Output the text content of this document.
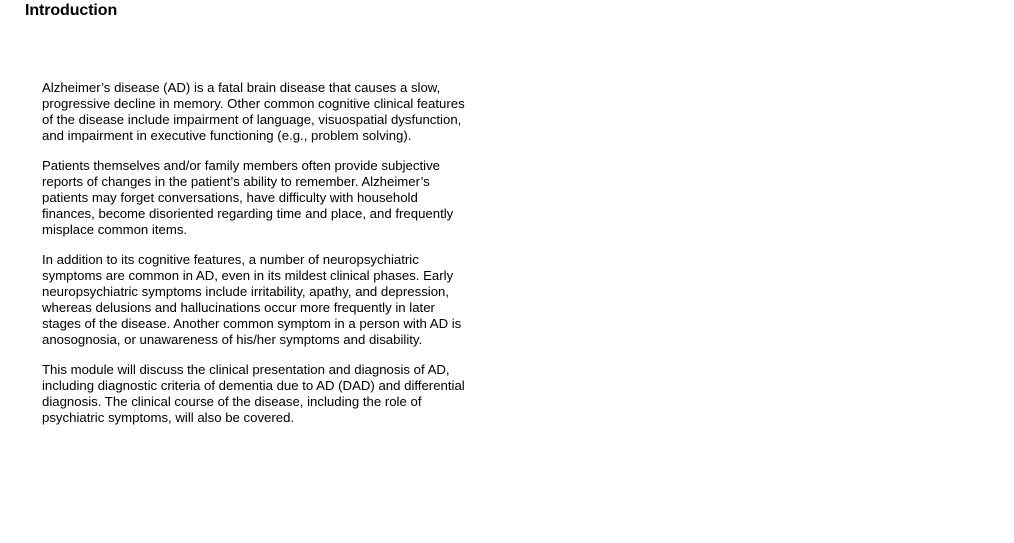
Introduction

Alzheimer’s disease (AD) is a fatal brain disease that causes a slow, progressive decline in memory. Other common cognitive clinical features of the disease include impairment of language, visuospatial dysfunction, and impairment in executive functioning (e.g., problem solving).

Patients themselves and/or family members often provide subjective reports of changes in the patient’s ability to remember. Alzheimer’s patients may forget conversations, have difficulty with household finances, become disoriented regarding time and place, and frequently misplace common items.

In addition to its cognitive features, a number of neuropsychiatric symptoms are common in AD, even in its mildest clinical phases. Early neuropsychiatric symptoms include irritability, apathy, and depression, whereas delusions and hallucinations occur more frequently in later stages of the disease. Another common symptom in a person with AD is anosognosia, or unawareness of his/her symptoms and disability.

This module will discuss the clinical presentation and diagnosis of AD, including diagnostic criteria of dementia due to AD (DAD) and differential diagnosis. The clinical course of the disease, including the role of psychiatric symptoms, will also be covered.
